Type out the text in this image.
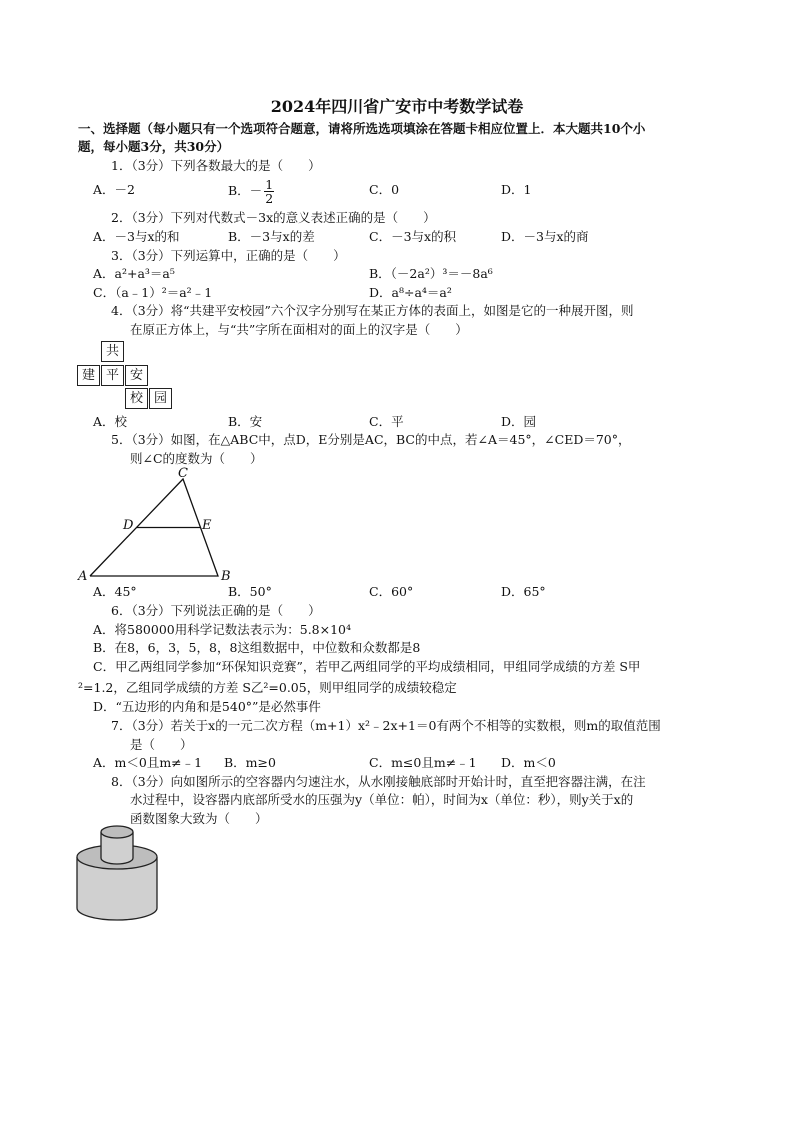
2024年四川省广安市中考数学试卷
一、选择题（每小题只有一个选项符合题意，请将所选选项填涂在答题卡相应位置上．本大题共10个小
题，每小题3分，共30分）
1．（3分）下列各数最大的是（　　）
A．－2	B．－ $\frac{1}{2}$	C．0	D．1
2．（3分）下列对代数式－3x的意义表述正确的是（　　）
A．－3与x的和	B．－3与x的差	C．－3与x的积	D．－3与x的商
3．（3分）下列运算中，正确的是（　　）
A．a²+a³＝a⁵	B．（－2a²）³＝－8a⁶
C．（a﹣1）²＝a²﹣1	D．a⁸÷a⁴＝a²
4．（3分）将“共建平安校园”六个汉字分别写在某正方体的表面上，如图是它的一种展开图，则
在原正方体上，与“共”字所在面相对的面上的汉字是（　　）
共
建 平 安
校 园
A．校	B．安	C．平	D．园
5．（3分）如图，在△ABC中，点D，E分别是AC，BC的中点，若∠A＝45°，∠CED＝70°，
则∠C的度数为（　　）
A	B
C
D	E
A．45°	B．50°	C．60°	D．65°
6．（3分）下列说法正确的是（　　）
A．将580000用科学记数法表示为：5.8×10⁴
B．在8，6，3，5，8，8这组数据中，中位数和众数都是8
C．甲乙两组同学参加“环保知识竞赛”，若甲乙两组同学的平均成绩相同，甲组同学成绩的方差 S甲
²=1.2，乙组同学成绩的方差 S乙²=0.05，则甲组同学的成绩较稳定
D．“五边形的内角和是540°”是必然事件
7．（3分）若关于x的一元二次方程（m+1）x²﹣2x+1＝0有两个不相等的实数根，则m的取值范围
是（　　）
A．m＜0且m≠﹣1 B．m≥0	C．m≤0且m≠﹣1 D．m＜0
8．（3分）向如图所示的空容器内匀速注水，从水刚接触底部时开始计时，直至把容器注满，在注
水过程中，设容器内底部所受水的压强为y（单位：帕），时间为x（单位：秒），则y关于x的
函数图象大致为（　　）
